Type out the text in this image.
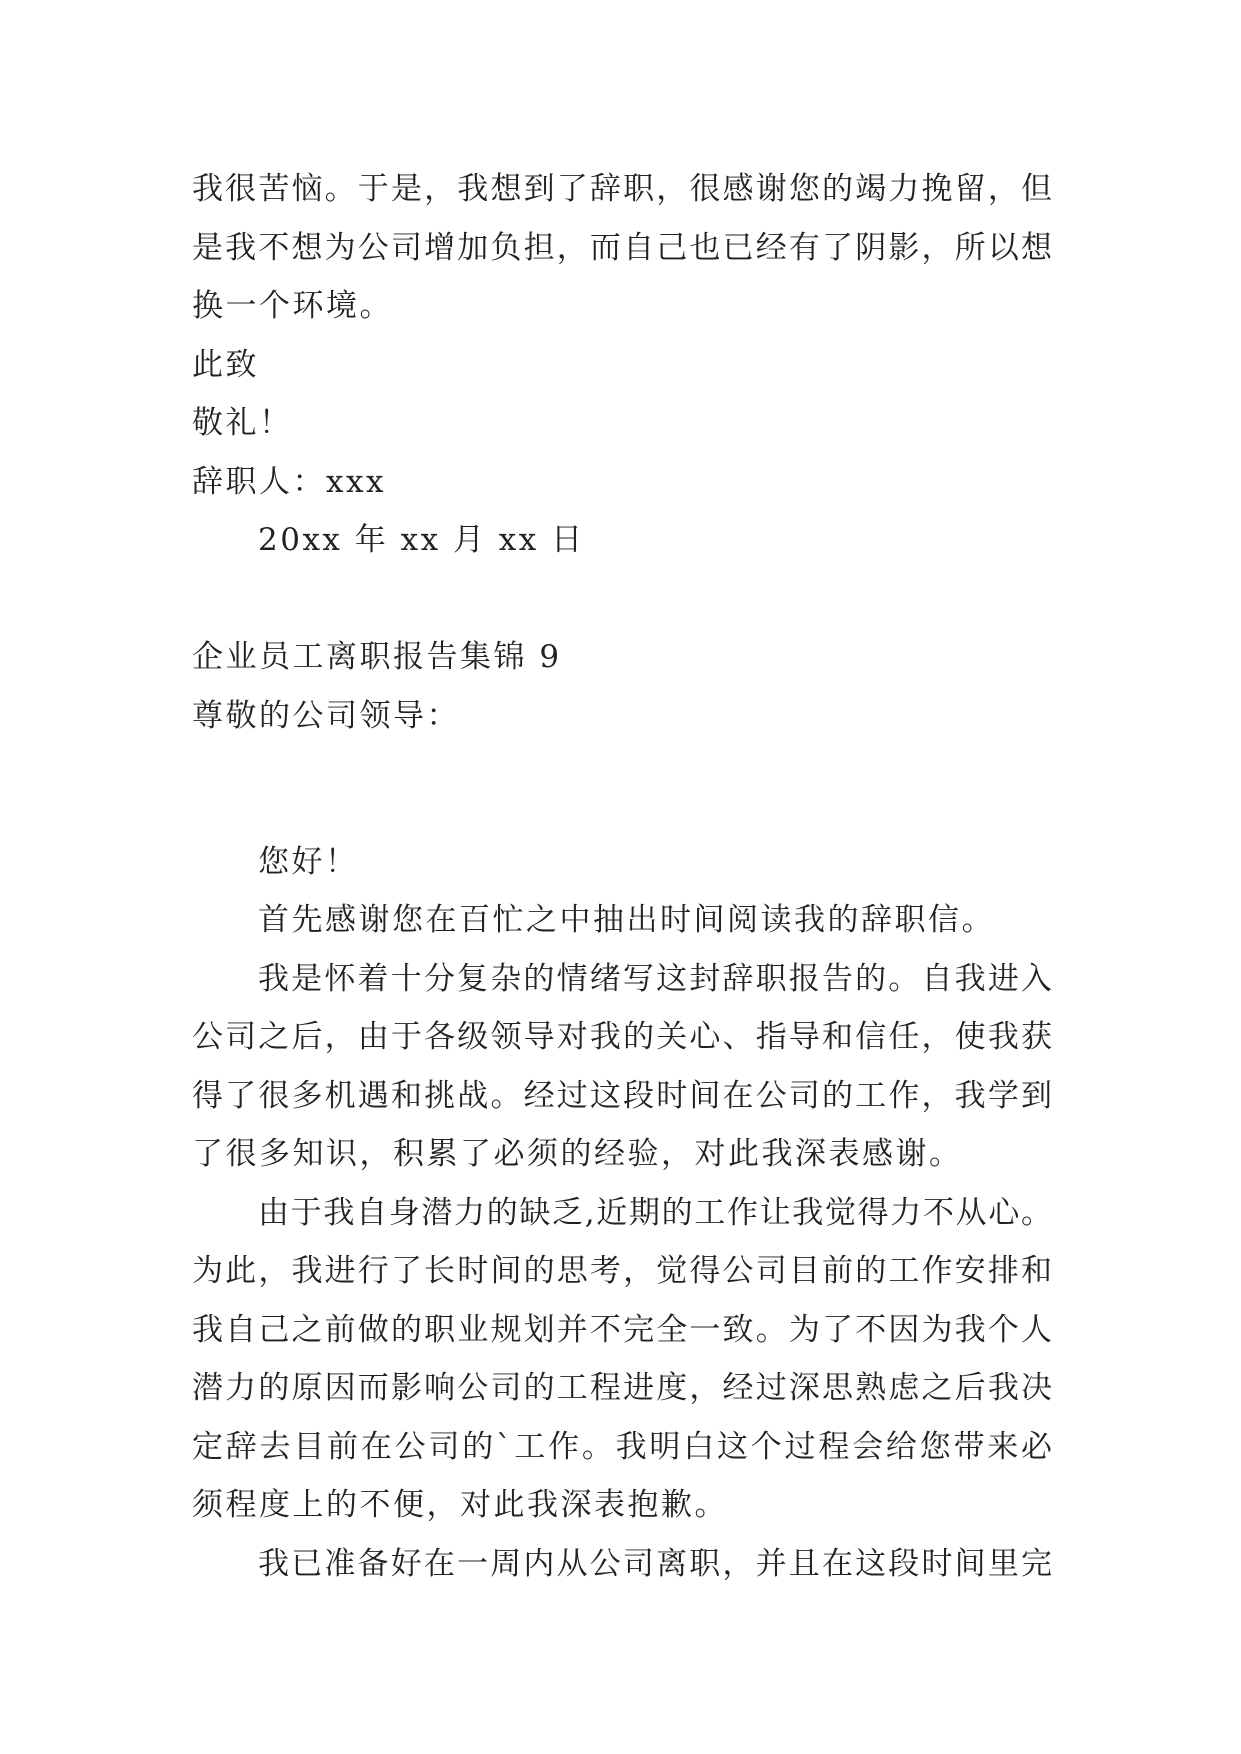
我很苦恼。于是，我想到了辞职，很感谢您的竭力挽留，但
是我不想为公司增加负担，而自己也已经有了阴影，所以想
换一个环境。
此致
敬礼！
辞职人：xxx
20xx 年 xx 月 xx 日
企业员工离职报告集锦 9
尊敬的公司领导：
您好！
首先感谢您在百忙之中抽出时间阅读我的辞职信。
我是怀着十分复杂的情绪写这封辞职报告的。自我进入
公司之后，由于各级领导对我的关心、指导和信任，使我获
得了很多机遇和挑战。经过这段时间在公司的工作，我学到
了很多知识，积累了必须的经验，对此我深表感谢。
由于我自身潜力的缺乏,近期的工作让我觉得力不从心。
为此，我进行了长时间的思考，觉得公司目前的工作安排和
我自己之前做的职业规划并不完全一致。为了不因为我个人
潜力的原因而影响公司的工程进度，经过深思熟虑之后我决
定辞去目前在公司的`工作。我明白这个过程会给您带来必
须程度上的不便，对此我深表抱歉。
我已准备好在一周内从公司离职，并且在这段时间里完
